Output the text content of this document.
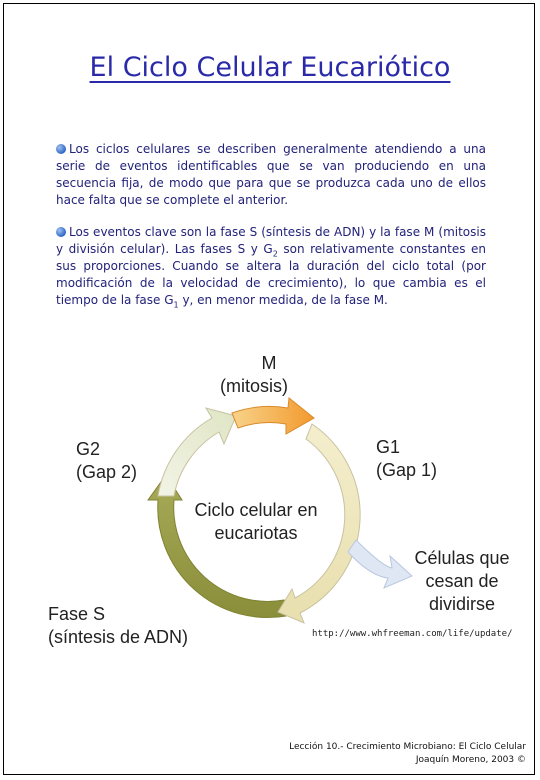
El Ciclo Celular Eucariótico
Los ciclos celulares se describen generalmente atendiendo a una serie de eventos identificables que se van produciendo en una secuencia fija, de modo que para que se produzca cada uno de ellos hace falta que se complete el anterior.
Los eventos clave son la fase S (síntesis de ADN) y la fase M (mitosis y división celular). Las fases S y $G_2$ son relativamente constantes en sus proporciones. Cuando se altera la duración del ciclo total (por modificación de la velocidad de crecimiento), lo que cambia es el tiempo de la fase $G_1$ y, en menor medida, de la fase M.
M
(mitosis)
G1
(Gap 1)
G2
(Gap 2)
Fase S
(síntesis de ADN)
Ciclo celular en
eucariotas
Células que
cesan de
dividirse
http://www.whfreeman.com/life/update/
Lección 10.- Crecimiento Microbiano: El Ciclo Celular
Joaquín Moreno, 2003 ©
